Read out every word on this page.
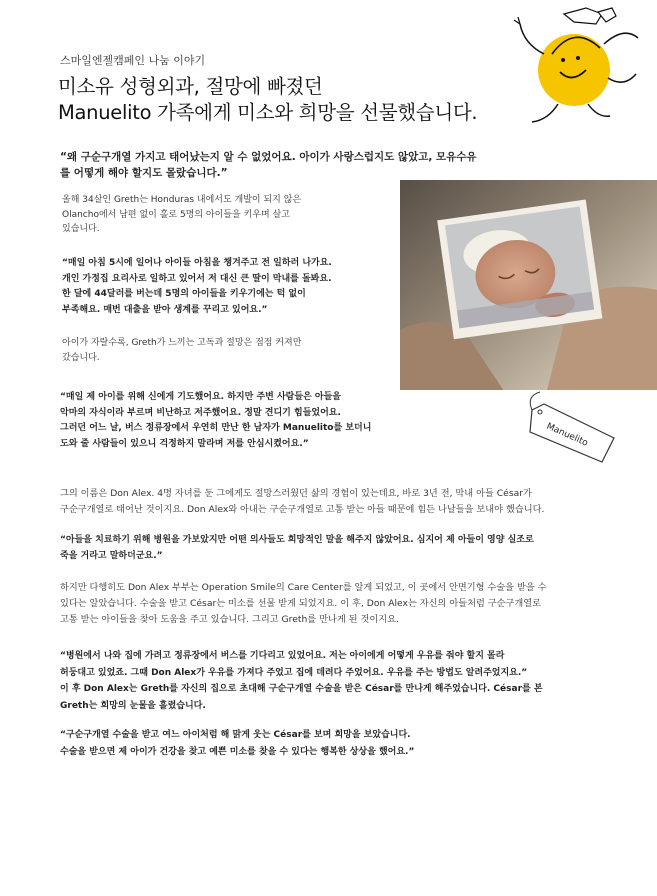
스마일엔젤캠페인 나눔 이야기
미소유 성형외과, 절망에 빠졌던
Manuelito 가족에게 미소와 희망을 선물했습니다.
“왜 구순구개열 가지고 태어났는지 알 수 없었어요. 아이가 사랑스럽지도 않았고, 모유수유를 어떻게 해야 할지도 몰랐습니다.”
올해 34살인 Greth는 Honduras 내에서도 개발이 되지 않은
Olancho에서 남편 없이 홀로 5명의 아이들을 키우며 살고
있습니다.
“매일 아침 5시에 일어나 아이들 아침을 챙겨주고 전 일하러 나가요.
개인 가정집 요리사로 일하고 있어서 저 대신 큰 딸이 막내를 돌봐요.
한 달에 44달러를 버는데 5명의 아이들을 키우기에는 턱 없이
부족해요. 매번 대출을 받아 생계를 꾸리고 있어요.”
아이가 자랄수록, Greth가 느끼는 고독과 절망은 점점 커져만
갔습니다.
“매일 제 아이를 위해 신에게 기도했어요. 하지만 주변 사람들은 아들을
악마의 자식이라 부르며 비난하고 저주했어요. 정말 견디기 힘들었어요.
그러던 어느 날, 버스 정류장에서 우연히 만난 한 남자가 Manuelito를 보더니
도와 줄 사람들이 있으니 걱정하지 말라며 저를 안심시켰어요.”	Manuelito
그의 이름은 Don Alex. 4명 자녀를 둔 그에게도 절망스러웠던 삶의 경험이 있는데요, 바로 3년 전, 막내 아들 César가
구순구개열로 태어난 것이지요. Don Alex와 아내는 구순구개열로 고통 받는 아들 때문에 힘든 나날들을 보내야 했습니다.
“아들을 치료하기 위해 병원을 가보았지만 어떤 의사들도 희망적인 말을 해주지 않았어요. 심지어 제 아들이 영양 실조로
죽을 거라고 말하더군요.”
하지만 다행히도 Don Alex 부부는 Operation Smile의 Care Center를 알게 되었고, 이 곳에서 안면기형 수술을 받을 수
있다는 알았습니다. 수술을 받고 César는 미소를 선물 받게 되었지요. 이 후, Don Alex는 자신의 아들처럼 구순구개열로
고통 받는 아이들을 찾아 도움을 주고 있습니다. 그리고 Greth를 만나게 된 것이지요.
“병원에서 나와 집에 가려고 정류장에서 버스를 기다리고 있었어요. 저는 아이에게 어떻게 우유를 줘야 할지 몰라
허둥대고 있었죠. 그때 Don Alex가 우유를 가져다 주었고 집에 데려다 주었어요. 우유를 주는 방법도 알려주었지요.”
이 후 Don Alex는 Greth를 자신의 집으로 초대해 구순구개열 수술을 받은 César를 만나게 해주었습니다. César를 본
Greth는 희망의 눈물을 흘렸습니다.
“구순구개열 수술을 받고 여느 아이처럼 해 맑게 웃는 César를 보며 희망을 보았습니다.
수술을 받으면 제 아이가 건강을 찾고 예쁜 미소를 찾을 수 있다는 행복한 상상을 했어요.”
